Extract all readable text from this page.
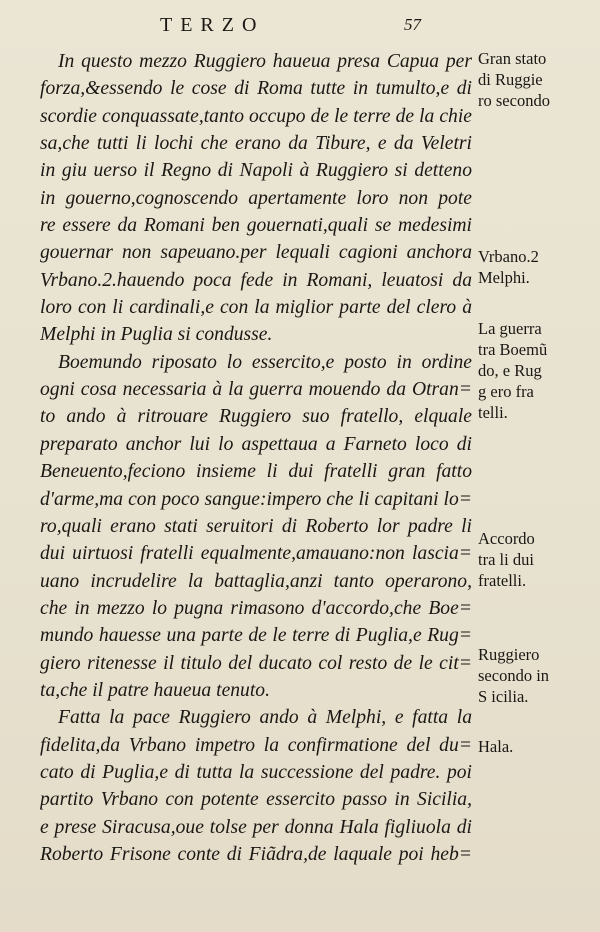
TERZO	57
In questo mezzo Ruggiero haueua presa Capua per
forza,&essendo le cose di Roma tutte in tumulto,e di
scordie conquassate,tanto occupo de le terre de la chie
sa,che tutti li lochi che erano da Tibure, e da Veletri
in giu uerso il Regno di Napoli à Ruggiero si detteno
in gouerno,cognoscendo apertamente loro non pote
re essere da Romani ben gouernati,quali se medesimi
gouernar non sapeuano.per lequali cagioni anchora
Vrbano.2.hauendo poca fede in Romani, leuatosi da
loro con li cardinali,e con la miglior parte del clero à
Melphi in Puglia si condusse.
Boemundo riposato lo essercito,e posto in ordine
ogni cosa necessaria à la guerra mouendo da Otran=
to ando à ritrouare Ruggiero suo fratello, elquale
preparato anchor lui lo aspettaua a Farneto loco di
Beneuento,feciono insieme li dui fratelli gran fatto
d'arme,ma con poco sangue:impero che li capitani lo=
ro,quali erano stati seruitori di Roberto lor padre li
dui uirtuosi fratelli equalmente,amauano:non lascia=
uano incrudelire la battaglia,anzi tanto operarono,
che in mezzo lo pugna rimasono d'accordo,che Boe=
mundo hauesse una parte de le terre di Puglia,e Rug=
giero ritenesse il titulo del ducato col resto de le cit=
ta,che il patre haueua tenuto.
Fatta la pace Ruggiero ando à Melphi, e fatta la
fidelita,da Vrbano impetro la confirmatione del du=
cato di Puglia,e di tutta la successione del padre. poi
partito Vrbano con potente essercito passo in Sicilia,
e prese Siracusa,oue tolse per donna Hala figliuola di
Roberto Frisone conte di Fiãdra,de laquale poi heb=
Gran stato
di Ruggie
ro secondo
Vrbano.2
Melphi.
La guerra
tra Boemũ
do, e Rug
g ero fra
telli.
Accordo
tra li dui
fratelli.
Ruggiero
secondo in
S icilia.
Hala.
